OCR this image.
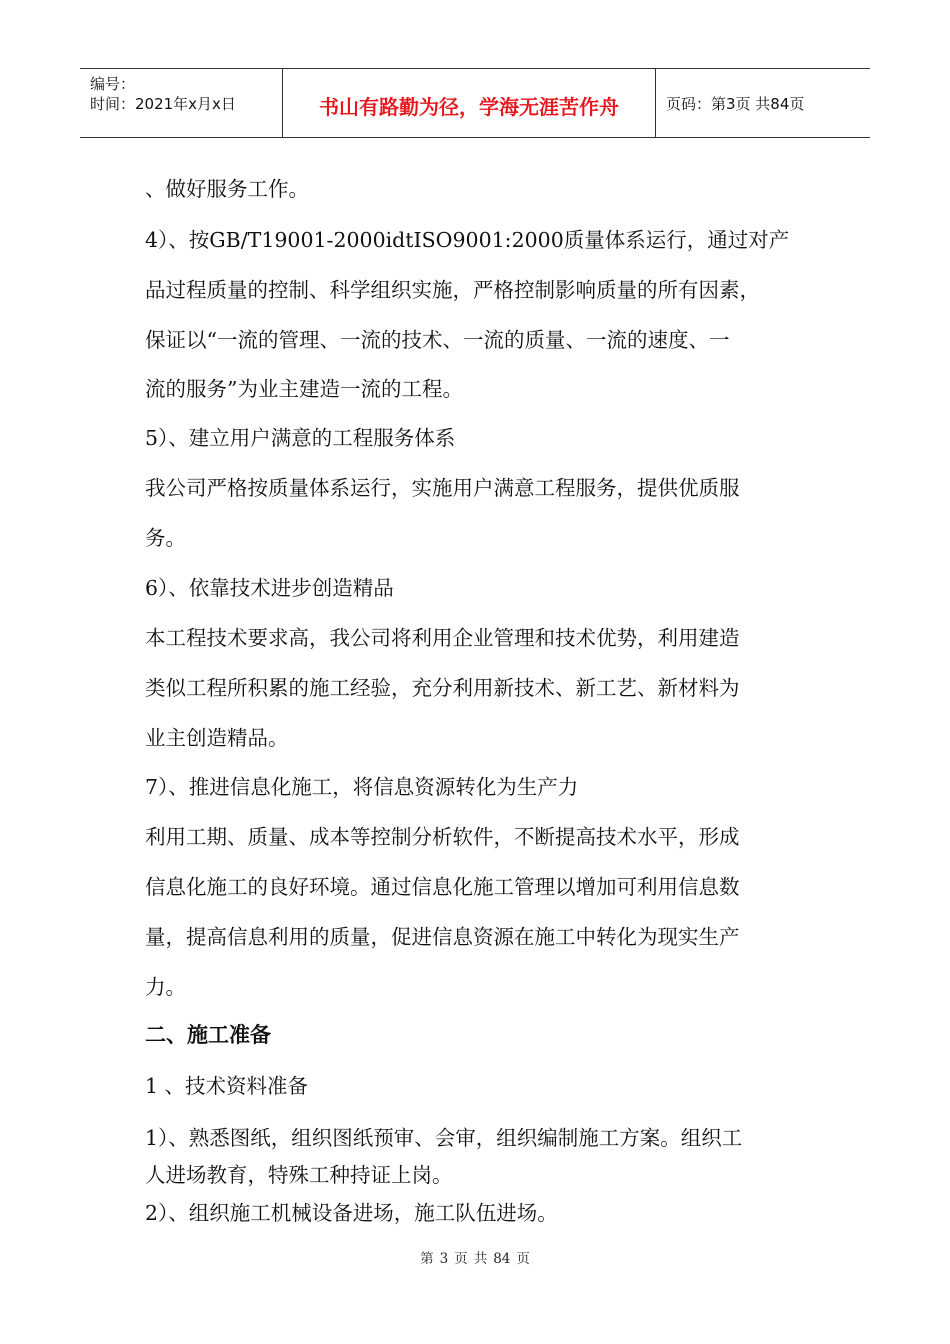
编号：
时间：2021年x月x日	书山有路勤为径，学海无涯苦作舟	页码：第3页 共84页
、做好服务工作。
4）、按GB/T19001-2000idtISO9001:2000质量体系运行，通过对产
品过程质量的控制、科学组织实施，严格控制影响质量的所有因素，
保证以“一流的管理、一流的技术、一流的质量、一流的速度、一
流的服务”为业主建造一流的工程。
5）、建立用户满意的工程服务体系
我公司严格按质量体系运行，实施用户满意工程服务，提供优质服
务。
6）、依靠技术进步创造精品
本工程技术要求高，我公司将利用企业管理和技术优势，利用建造
类似工程所积累的施工经验，充分利用新技术、新工艺、新材料为
业主创造精品。
7）、推进信息化施工，将信息资源转化为生产力
利用工期、质量、成本等控制分析软件，不断提高技术水平，形成
信息化施工的良好环境。通过信息化施工管理以增加可利用信息数
量，提高信息利用的质量，促进信息资源在施工中转化为现实生产
力。
二、施工准备
1 、技术资料准备
1）、熟悉图纸，组织图纸预审、会审，组织编制施工方案。组织工
人进场教育，特殊工种持证上岗。
2）、组织施工机械设备进场，施工队伍进场。
第 3 页 共 84 页
